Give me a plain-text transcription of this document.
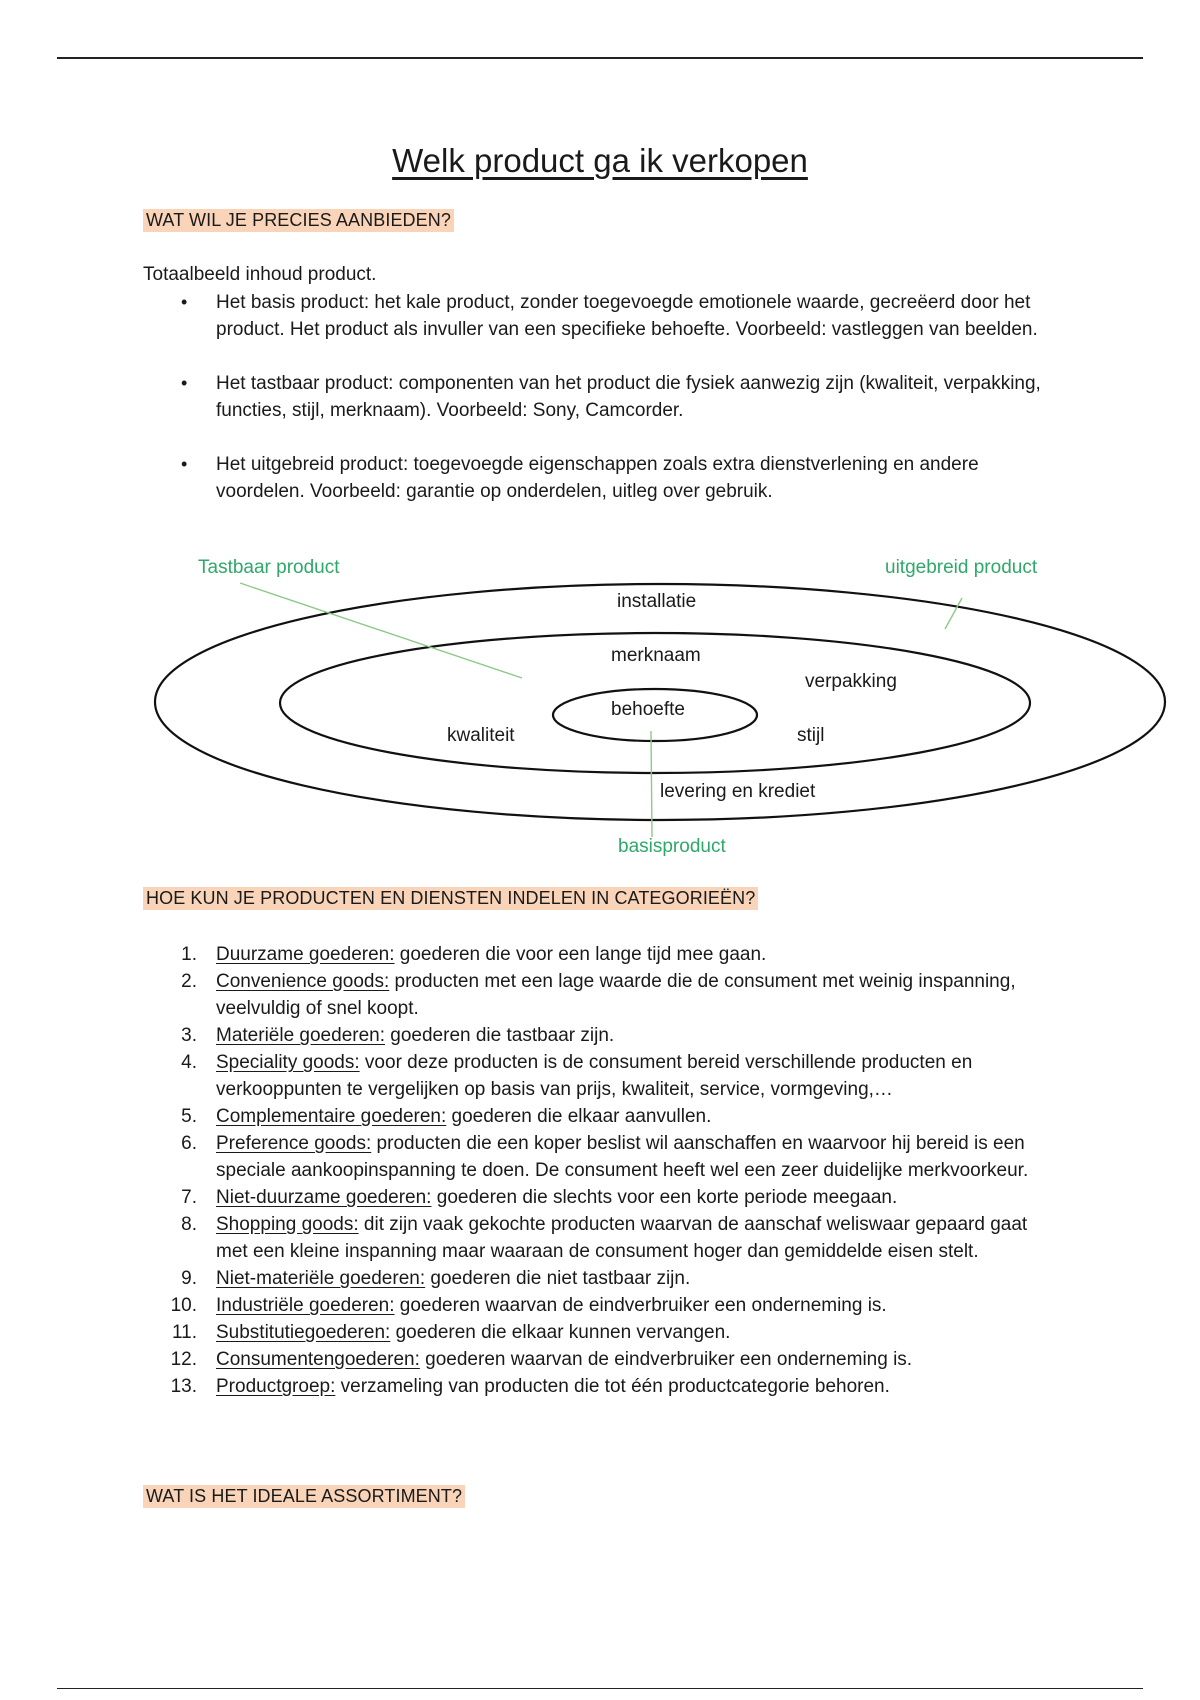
Welk product ga ik verkopen
WAT WIL JE PRECIES AANBIEDEN?

Totaalbeeld inhoud product.

• Het basis product: het kale product, zonder toegevoegde emotionele waarde, gecreëerd door het product. Het product als invuller van een specifieke behoefte. Voorbeeld: vastleggen van beelden.
• Het tastbaar product: componenten van het product die fysiek aanwezig zijn (kwaliteit, verpakking, functies, stijl, merknaam). Voorbeeld: Sony, Camcorder.
• Het uitgebreid product: toegevoegde eigenschappen zoals extra dienstverlening en andere voordelen. Voorbeeld: garantie op onderdelen, uitleg over gebruik.
Tastbaar product	uitgebreid product
basisproduct
installatie
merknaam
verpakking
behoefte
kwaliteit	stijl
levering en krediet
HOE KUN JE PRODUCTEN EN DIENSTEN INDELEN IN CATEGORIEËN?
1. Duurzame goederen: goederen die voor een lange tijd mee gaan.
2. Convenience goods: producten met een lage waarde die de consument met weinig inspanning, veelvuldig of snel koopt.
3. Materiële goederen: goederen die tastbaar zijn.
4. Speciality goods: voor deze producten is de consument bereid verschillende producten en verkooppunten te vergelijken op basis van prijs, kwaliteit, service, vormgeving,…
5. Complementaire goederen: goederen die elkaar aanvullen.
6. Preference goods: producten die een koper beslist wil aanschaffen en waarvoor hij bereid is een speciale aankoopinspanning te doen. De consument heeft wel een zeer duidelijke merkvoorkeur.
7. Niet-duurzame goederen: goederen die slechts voor een korte periode meegaan.
8. Shopping goods: dit zijn vaak gekochte producten waarvan de aanschaf weliswaar gepaard gaat met een kleine inspanning maar waaraan de consument hoger dan gemiddelde eisen stelt.
9. Niet-materiële goederen: goederen die niet tastbaar zijn.
10. Industriële goederen: goederen waarvan de eindverbruiker een onderneming is.
11. Substitutiegoederen: goederen die elkaar kunnen vervangen.
12. Consumentengoederen: goederen waarvan de eindverbruiker een onderneming is.
13. Productgroep: verzameling van producten die tot één productcategorie behoren.
WAT IS HET IDEALE ASSORTIMENT?
